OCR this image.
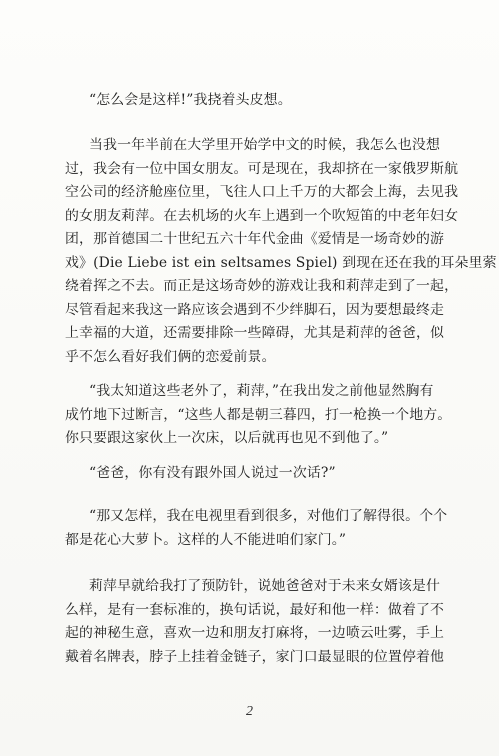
“怎么会是这样!”我挠着头皮想。
当我一年半前在大学里开始学中文的时候，我怎么也没想
过，我会有一位中国女朋友。可是现在，我却挤在一家俄罗斯航
空公司的经济舱座位里，飞往人口上千万的大都会上海，去见我
的女朋友莉萍。在去机场的火车上遇到一个吹短笛的中老年妇女
团，那首德国二十世纪五六十年代金曲《爱情是一场奇妙的游
戏》(Die Liebe ist ein seltsames Spiel) 到现在还在我的耳朵里萦
绕着挥之不去。而正是这场奇妙的游戏让我和莉萍走到了一起，
尽管看起来我这一路应该会遇到不少绊脚石，因为要想最终走
上幸福的大道，还需要排除一些障碍，尤其是莉萍的爸爸，似
乎不怎么看好我们俩的恋爱前景。
“我太知道这些老外了，莉萍，”在我出发之前他显然胸有
成竹地下过断言，“这些人都是朝三暮四，打一枪换一个地方。
你只要跟这家伙上一次床，以后就再也见不到他了。”
“爸爸，你有没有跟外国人说过一次话?”
“那又怎样，我在电视里看到很多，对他们了解得很。个个
都是花心大萝卜。这样的人不能进咱们家门。”
莉萍早就给我打了预防针，说她爸爸对于未来女婿该是什
么样，是有一套标准的，换句话说，最好和他一样：做着了不
起的神秘生意，喜欢一边和朋友打麻将，一边喷云吐雾，手上
戴着名牌表，脖子上挂着金链子，家门口最显眼的位置停着他
2
